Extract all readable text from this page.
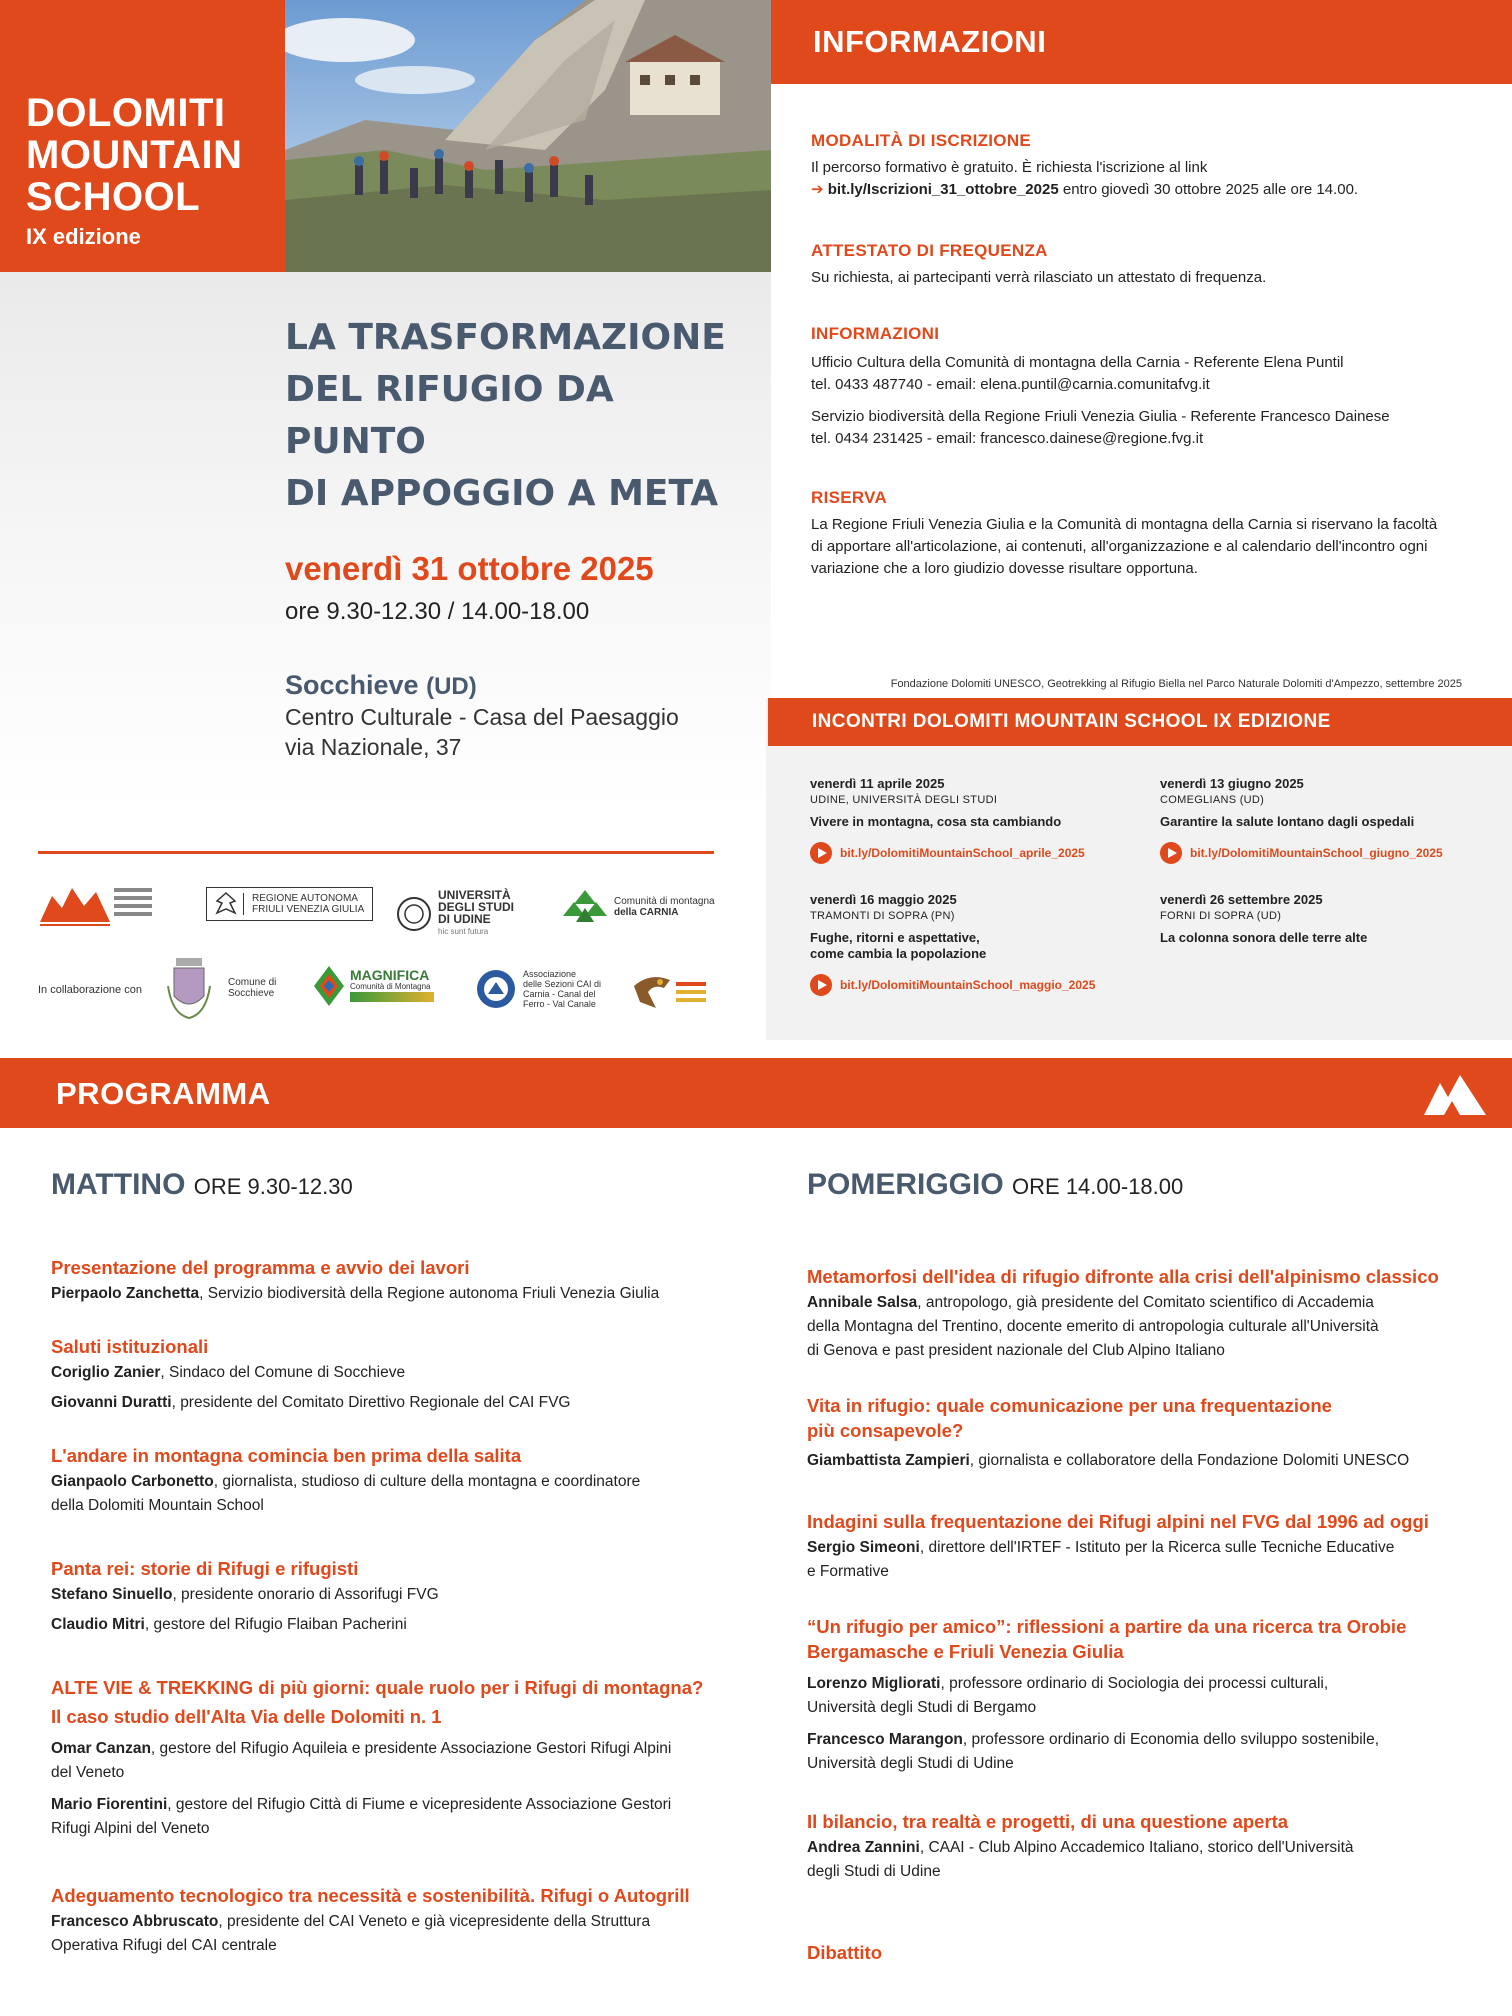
DOLOMITI
MOUNTAIN
SCHOOL
IX edizione
LA TRASFORMAZIONE
DEL RIFUGIO DA PUNTO
DI APPOGGIO A META
venerdì 31 ottobre 2025
ore 9.30-12.30 / 14.00-18.00
Socchieve (UD)
Centro Culturale - Casa del Paesaggio
via Nazionale, 37
REGIONE AUTONOMA
FRIULI VENEZIA GIULIA
UNIVERSITÀ
DEGLI STUDI
DI UDINE
hic sunt futura
Comunità di montagna
della CARNIA
In collaborazione con
Comune di
Socchieve
MAGNIFICA
Comunità di Montagna
Associazione
delle Sezioni CAI di
Carnia - Canal del
Ferro - Val Canale
INFORMAZIONI
MODALITÀ DI ISCRIZIONE
Il percorso formativo è gratuito. È richiesta l'iscrizione al link
➔ bit.ly/Iscrizioni_31_ottobre_2025 entro giovedì 30 ottobre 2025 alle ore 14.00.
ATTESTATO DI FREQUENZA
Su richiesta, ai partecipanti verrà rilasciato un attestato di frequenza.
INFORMAZIONI
Ufficio Cultura della Comunità di montagna della Carnia - Referente Elena Puntil
tel. 0433 487740 - email: elena.puntil@carnia.comunitafvg.it
Servizio biodiversità della Regione Friuli Venezia Giulia - Referente Francesco Dainese
tel. 0434 231425 - email: francesco.dainese@regione.fvg.it
RISERVA
La Regione Friuli Venezia Giulia e la Comunità di montagna della Carnia si riservano la facoltà
di apportare all'articolazione, ai contenuti, all'organizzazione e al calendario dell'incontro ogni
variazione che a loro giudizio dovesse risultare opportuna.
Fondazione Dolomiti UNESCO, Geotrekking al Rifugio Biella nel Parco Naturale Dolomiti d'Ampezzo, settembre 2025
INCONTRI DOLOMITI MOUNTAIN SCHOOL IX EDIZIONE
venerdì 11 aprile 2025
UDINE, UNIVERSITÀ DEGLI STUDI
Vivere in montagna, cosa sta cambiando
bit.ly/DolomitiMountainSchool_aprile_2025
venerdì 13 giugno 2025
COMEGLIANS (UD)
Garantire la salute lontano dagli ospedali
bit.ly/DolomitiMountainSchool_giugno_2025
venerdì 16 maggio 2025
TRAMONTI DI SOPRA (PN)
Fughe, ritorni e aspettative,
come cambia la popolazione
bit.ly/DolomitiMountainSchool_maggio_2025
venerdì 26 settembre 2025
FORNI DI SOPRA (UD)
La colonna sonora delle terre alte
PROGRAMMA
MATTINO ORE 9.30-12.30
Presentazione del programma e avvio dei lavori
Pierpaolo Zanchetta, Servizio biodiversità della Regione autonoma Friuli Venezia Giulia
Saluti istituzionali
Coriglio Zanier, Sindaco del Comune di Socchieve
Giovanni Duratti, presidente del Comitato Direttivo Regionale del CAI FVG
L'andare in montagna comincia ben prima della salita
Gianpaolo Carbonetto, giornalista, studioso di culture della montagna e coordinatore
della Dolomiti Mountain School
Panta rei: storie di Rifugi e rifugisti
Stefano Sinuello, presidente onorario di Assorifugi FVG
Claudio Mitri, gestore del Rifugio Flaiban Pacherini
ALTE VIE & TREKKING di più giorni: quale ruolo per i Rifugi di montagna?
Il caso studio dell'Alta Via delle Dolomiti n. 1
Omar Canzan, gestore del Rifugio Aquileia e presidente Associazione Gestori Rifugi Alpini
del Veneto
Mario Fiorentini, gestore del Rifugio Città di Fiume e vicepresidente Associazione Gestori
Rifugi Alpini del Veneto
Adeguamento tecnologico tra necessità e sostenibilità. Rifugi o Autogrill
Francesco Abbruscato, presidente del CAI Veneto e già vicepresidente della Struttura
Operativa Rifugi del CAI centrale
POMERIGGIO ORE 14.00-18.00
Metamorfosi dell'idea di rifugio difronte alla crisi dell'alpinismo classico
Annibale Salsa, antropologo, già presidente del Comitato scientifico di Accademia
della Montagna del Trentino, docente emerito di antropologia culturale all'Università
di Genova e past president nazionale del Club Alpino Italiano
Vita in rifugio: quale comunicazione per una frequentazione
più consapevole?
Giambattista Zampieri, giornalista e collaboratore della Fondazione Dolomiti UNESCO
Indagini sulla frequentazione dei Rifugi alpini nel FVG dal 1996 ad oggi
Sergio Simeoni, direttore dell'IRTEF - Istituto per la Ricerca sulle Tecniche Educative
e Formative
“Un rifugio per amico”: riflessioni a partire da una ricerca tra Orobie
Bergamasche e Friuli Venezia Giulia
Lorenzo Migliorati, professore ordinario di Sociologia dei processi culturali,
Università degli Studi di Bergamo
Francesco Marangon, professore ordinario di Economia dello sviluppo sostenibile,
Università degli Studi di Udine
Il bilancio, tra realtà e progetti, di una questione aperta
Andrea Zannini, CAAI - Club Alpino Accademico Italiano, storico dell'Università
degli Studi di Udine
Dibattito
